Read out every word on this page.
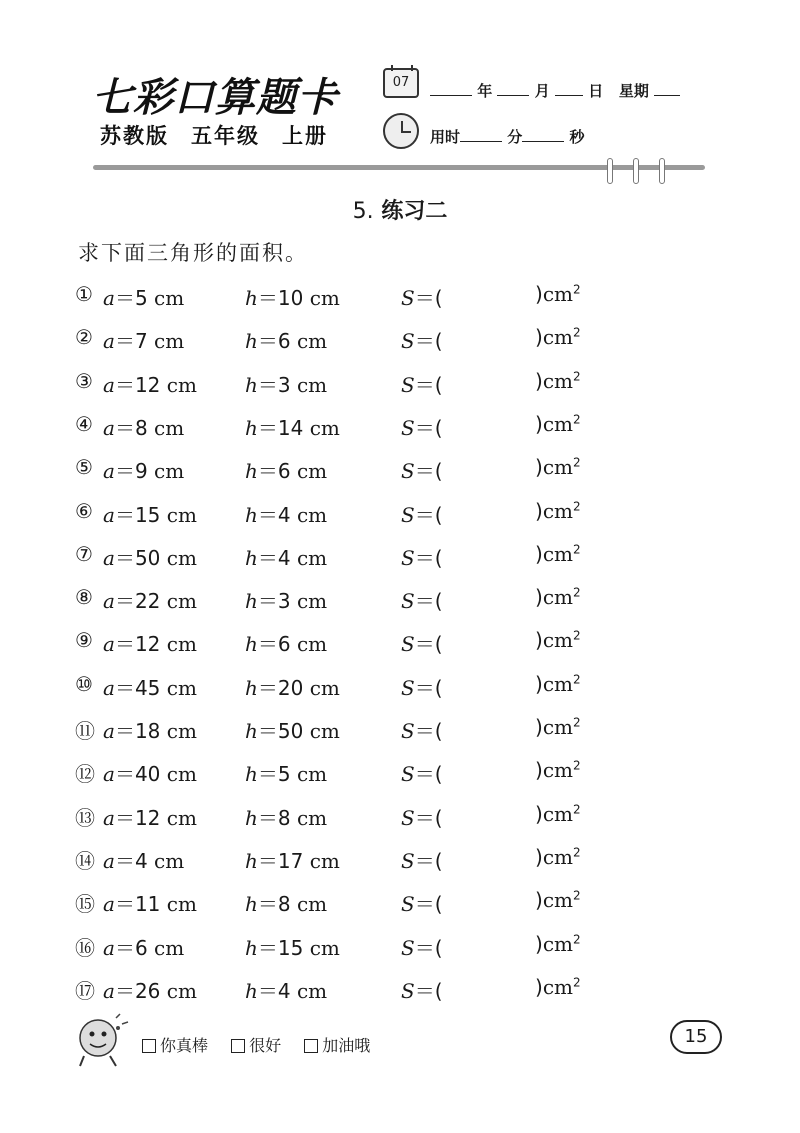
七彩口算题卡
苏教版 五年级 上册
07	年	月	日 星期
用时	分	秒
5. 练习二
求下面三角形的面积。
① a＝5 cm	h＝10 cm	S＝(	)$cm^2$
② a＝7 cm	h＝6 cm	S＝(	)$cm^2$
③ a＝12 cm h＝3 cm	S＝(	)$cm^2$
④ a＝8 cm	h＝14 cm	S＝(	)$cm^2$
⑤ a＝9 cm	h＝6 cm	S＝(	)$cm^2$
⑥ a＝15 cm h＝4 cm	S＝(	)$cm^2$
⑦ a＝50 cm h＝4 cm	S＝(	)$cm^2$
⑧ a＝22 cm h＝3 cm	S＝(	)$cm^2$
⑨ a＝12 cm h＝6 cm	S＝(	)$cm^2$
⑩ a＝45 cm h＝20 cm	S＝(	)$cm^2$
⑪ a＝18 cm h＝50 cm	S＝(	)$cm^2$
⑫ a＝40 cm h＝5 cm	S＝(	)$cm^2$
⑬ a＝12 cm h＝8 cm	S＝(	)$cm^2$
⑭ a＝4 cm	h＝17 cm	S＝(	)$cm^2$
⑮ a＝11 cm h＝8 cm	S＝(	)$cm^2$
⑯ a＝6 cm	h＝15 cm	S＝(	)$cm^2$
⑰ a＝26 cm h＝4 cm	S＝(	)$cm^2$
你真棒	很好	加油哦	15
